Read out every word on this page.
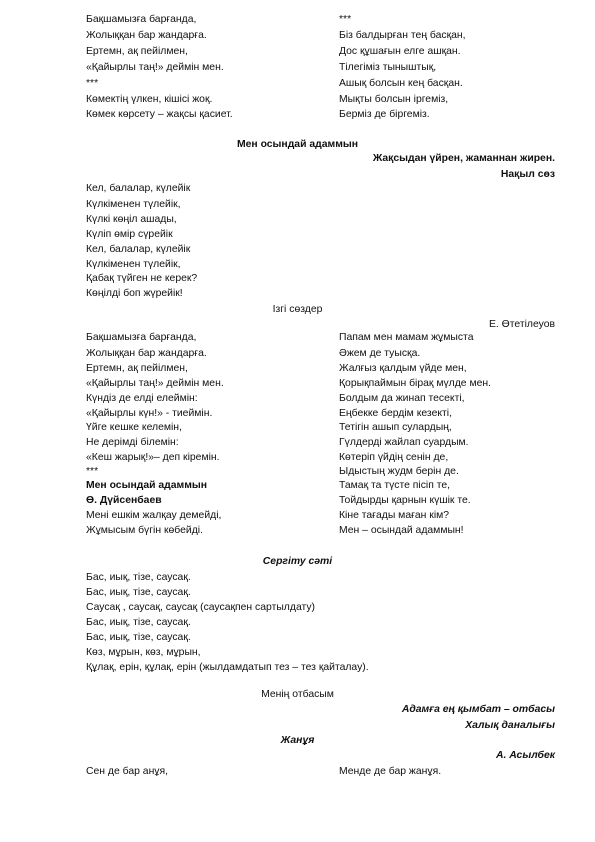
Бақшамызға барғанда,
Жолыққан бар жандарға.
Ертемн, ақ пейілмен,
«Қайырлы таң!» деймін мен.
***
Көмектің үлкен, кішісі жоқ.
Көмек көрсету – жақсы қасиет.
***
Біз балдырған тең басқан,
Дос құшағын елге ашқан.
Тілегіміз тыныштық,
Ашық болсын кең басқан.
Мықты болсын іргеміз,
Берміз де біргеміз.
Мен осындай адаммын
Жақсыдан үйрен, жаманнан жирен.
Нақыл сөз
Кел, балалар, күлейік
Күлкіменен түлейік,
Күлкі көңіл ашады,
Күліп өмір сүрейік
Кел, балалар, күлейік
Күлкіменен түлейік,
Қабақ түйген не керек?
Көңілді боп жүрейік!
Ізгі сөздер
Е. Өтетілеуов
Бақшамызға барғанда,
Жолыққан бар жандарға.
Ертемн, ақ пейілмен,
«Қайырлы таң!» деймін мен.
Күндіз де елді елеймін:
«Қайырлы күн!» - тиеймін.
Үйге кешке келемін,
Не дерімді білемін:
«Кеш жарық!»– деп кіремін.
***
Мен осындай адаммын
Ө. Дүйсенбаев
Мені ешкім жалқау демейді,
Жұмысым бүгін көбейді.
Папам мен мамам жұмыста
Әжем де туысқа.
Жалғыз қалдым үйде мен,
Қорықпаймын бірақ мүлде мен.
Болдым да жинап тесекті,
Еңбекке бердім кезекті,
Тетігін ашып сулардың,
Гүлдерді жайлап суардым.
Көтеріп үйдің сенін де,
Ыдыстың жудм берін де.
Тамақ та түсте пісіп те,
Тойдырды қарнын күшік те.
Кіне тағады маған кім?
Мен – осындай адаммын!
Сергіту сәті
Бас, иық, тізе, саусақ.
Бас, иық, тізе, саусақ.
Саусақ , саусақ, саусақ (саусақпен сартылдату)
Бас, иық, тізе, саусақ.
Бас, иық, тізе, саусақ.
Көз, мұрын, көз, мұрын,
Құлақ, ерін, құлақ, ерін (жылдамдатып тез – тез қайталау).
Менің отбасым
Адамға ең қымбат – отбасы
Халық даналығы
Жанұя
А. Асылбек
Сен де бар анұя,	Менде де бар жанұя.
